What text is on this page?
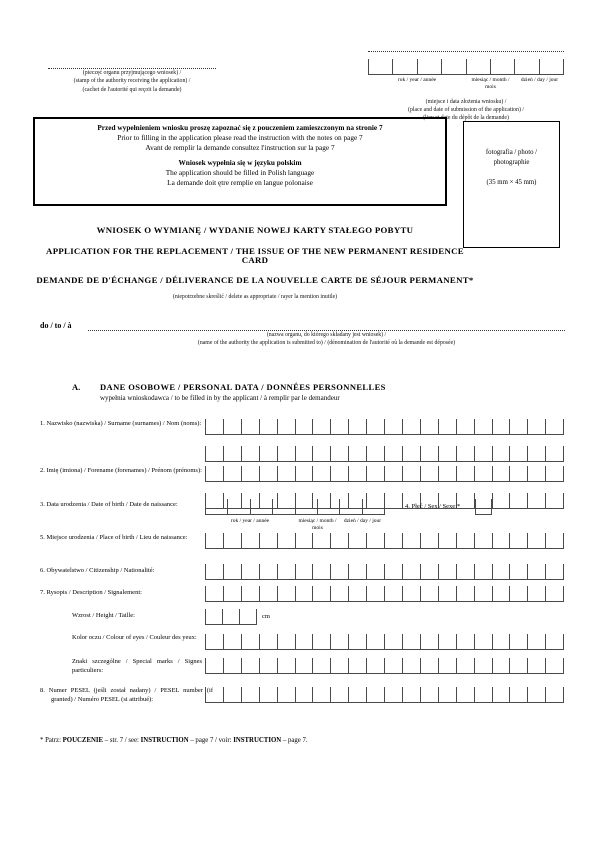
(pieczęć organu przyjmującego wniosek) /
(stamp of the authority receiving the application) /
(cachet de l'autorité qui reçoit la demande)
rok / year / année	miesiąc / month / mois
dzień / day / jour
(miejsce i data złożenia wniosku) /
(place and date of submission of the application) /
(lieu et date du dépôt de la demande)
Przed wypełnieniem wniosku proszę zapoznać się z pouczeniem zamieszczonym na stronie 7
Prior to filling in the application please read the instruction with the notes on page 7
Avant de remplir la demande consultez l'instruction sur la page 7
Wniosek wypełnia się w języku polskim
The application should be filled in Polish language
La demande doit ętre remplie en langue polonaise
fotografia / photo /
photographie
(35 mm × 45 mm)
WNIOSEK O WYMIANĘ / WYDANIE NOWEJ KARTY STAŁEGO POBYTU
APPLICATION FOR THE REPLACEMENT / THE ISSUE OF THE NEW PERMANENT RESIDENCE CARD
DEMANDE DE D'ÉCHANGE / DÉLIVERANCE DE LA NOUVELLE CARTE DE SÉJOUR PERMANENT*
(niepotrzebne skreślić / delete as appropriate / rayer la mention inutile)
do / to / à
(nazwa organu, do którego składany jest wniosek) /
(name of the authority the application is submitted to) / (dénomination de l'autorité où la demande est déposée)
A.	DANE OSOBOWE / PERSONAL DATA / DONNÉES PERSONNELLES
wypełnia wnioskodawca / to be filled in by the applicant / à remplir par le demandeur
1. Nazwisko (nazwiska) / Surname (surnames) / Nom (noms):
2. Imię (imiona) / Forename (forenames) / Prénom (prénoms):
3. Data urodzenia / Date of birth / Date de naissance:
rok / year / année	miesiąc / month / mois
dzień / day / jour
4. Płeć / Sex / Sexe:*
5. Miejsce urodzenia / Place of birth / Lieu de naissance:
6. Obywatelstwo / Citizenship / Nationalité:
7. Rysopis / Description / Signalement:
Wzrost / Height / Taille:	cm
Kolor oczu / Colour of eyes / Couleur des yeux:
Znaki szczególne / Special marks / Signes particuliers:
8. Numer PESEL (jeśli został nadany) / PESEL number (if granted) / Numéro PESEL (si attribué):
* Patrz: POUCZENIE – str. 7 / see: INSTRUCTION – page 7 / voir: INSTRUCTION – page 7.
